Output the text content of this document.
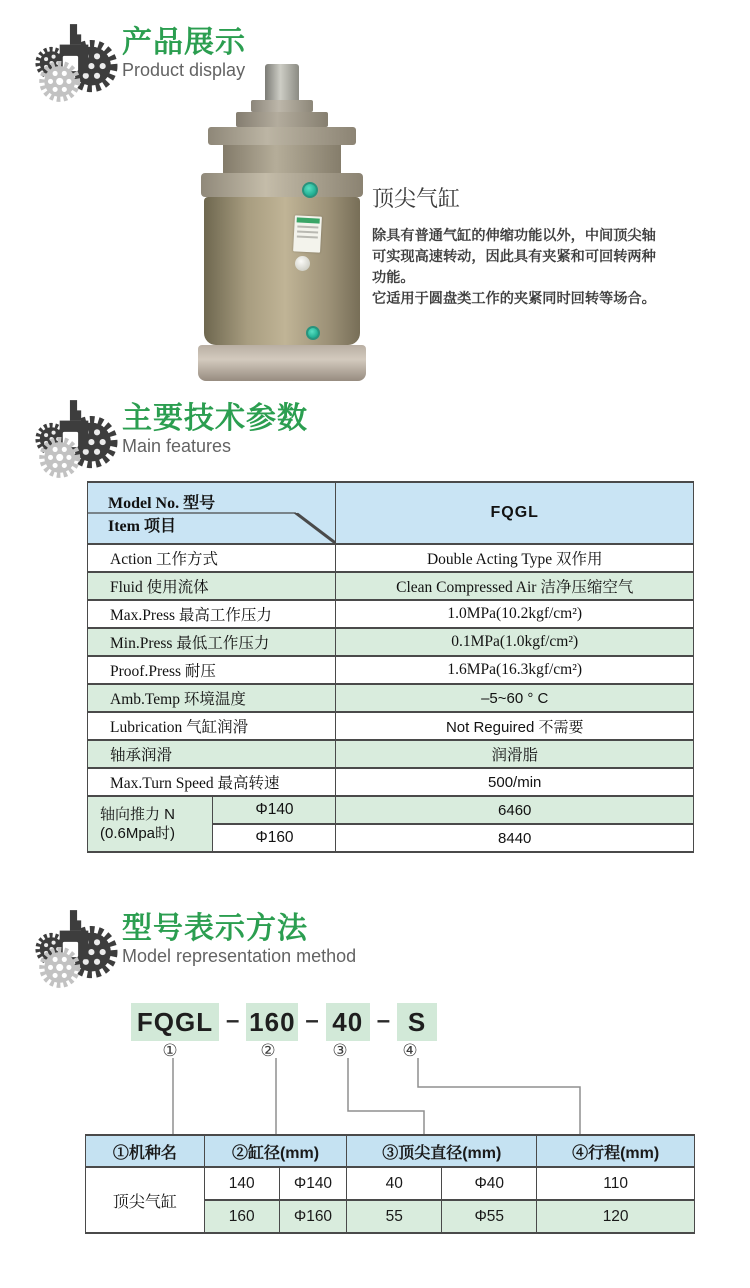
产品展示
Product display
顶尖气缸
除具有普通气缸的伸缩功能以外，中间顶尖轴
可实现高速转动，因此具有夹紧和可回转两种
功能。
它适用于圆盘类工作的夹紧同时回转等场合。
主要技术参数
Main features
Model No. 型号
Item 项目		FQGL
Action 工作方式		Double Acting Type 双作用
Fluid 使用流体		Clean Compressed Air 洁净压缩空气
Max.Press 最高工作压力		1.0MPa(10.2kgf/cm²)
Min.Press 最低工作压力		0.1MPa(1.0kgf/cm²)
Proof.Press 耐压		1.6MPa(16.3kgf/cm²)
Amb.Temp 环境温度		–5~60 ° C
Lubrication 气缸润滑		Not Reguired 不需要
轴承润滑		润滑脂
Max.Turn Speed 最高转速		500/min

轴向推力 N
(0.6Mpa时)	Φ140	6460
	Φ160	8440
型号表示方法
Model representation method
FQGL – 160 – 40 – S
①	②	③	④
①机种名	②缸径(mm)		③顶尖直径(mm)		④行程(mm)
顶尖气缸	140	Φ140	40	Φ40	110
	160	Φ160	55	Φ55	120
